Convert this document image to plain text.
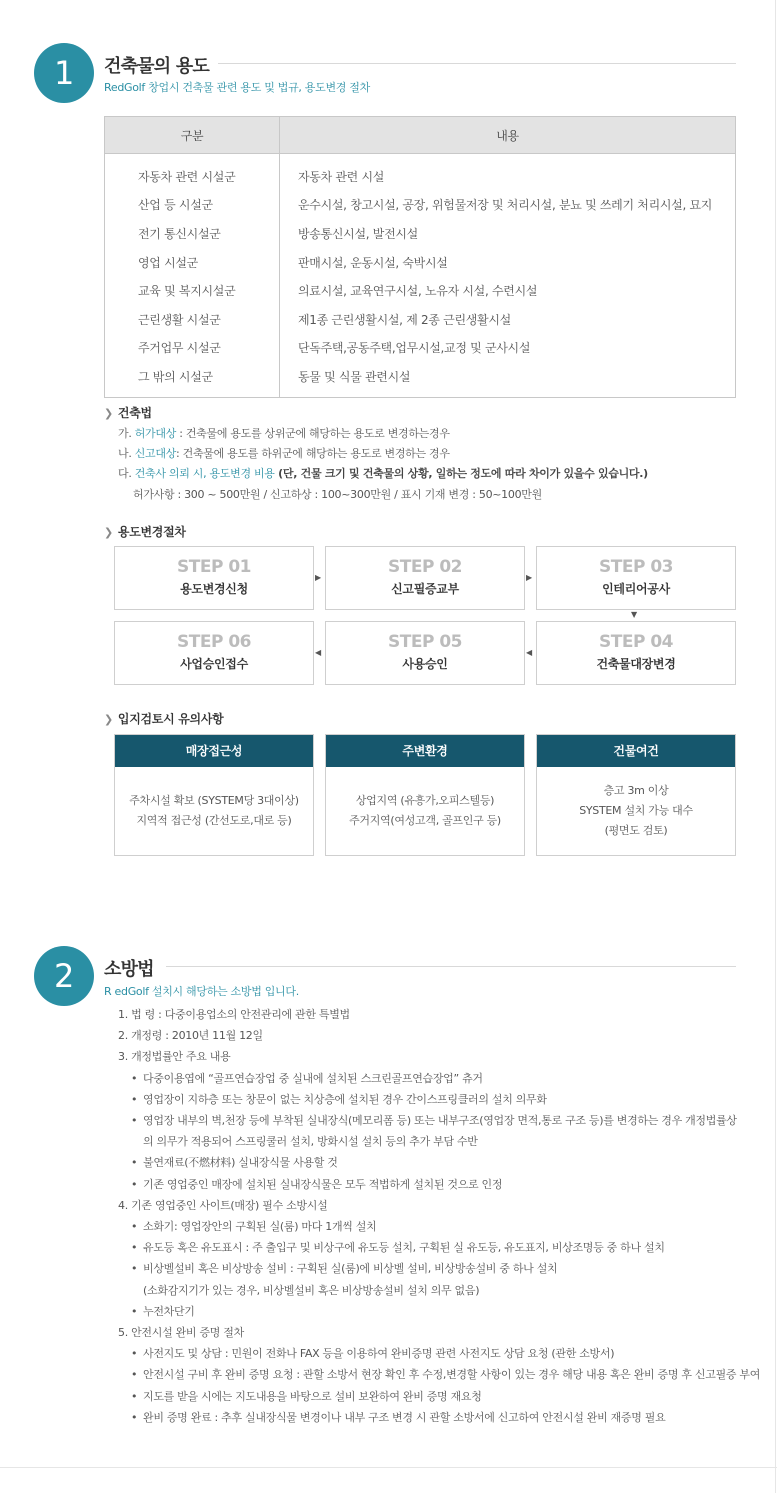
1	건축물의 용도
RedGolf 창업시 건축물 관련 용도 및 법규, 용도변경 절차
구분	내용
자동차 관련 시설군	자동차 관련 시설
산업 등 시설군	운수시설, 창고시설, 공장, 위험물저장 및 처리시설, 분뇨 및 쓰레기 처리시설, 묘지
전기 통신시설군	방송통신시설, 발전시설
영업 시설군	판매시설, 운동시설, 숙박시설
교육 및 복지시설군	의료시설, 교육연구시설, 노유자 시설, 수련시설
근린생활 시설군	제1종 근린생활시설, 제 2종 근린생활시설
주거업무 시설군	단독주택,공동주택,업무시설,교정 및 군사시설
그 밖의 시설군	동물 및 식물 관련시설
❯ 건축법
가. 허가대상 : 건축물에 용도를 상위군에 해당하는 용도로 변경하는경우
나. 신고대상: 건축물에 용도를 하위군에 해당하는 용도로 변경하는 경우
다. 건축사 의뢰 시, 용도변경 비용 (단, 건물 크기 및 건축물의 상황, 일하는 정도에 따라 차이가 있을수 있습니다.)
허가사항 : 300 ~ 500만원 / 신고하상 : 100~300만원 / 표시 기재 변경 : 50~100만원
❯ 용도변경절차
STEP 01
용도변경신청
▶
STEP 02
신고필증교부
▶
STEP 03
인테리어공사
▼
STEP 06
사업승인접수
◀
STEP 05
사용승인
◀
STEP 04
건축물대장변경
❯ 입지검토시 유의사항
매장접근성
주차시설 확보 (SYSTEM당 3대이상)
지역적 접근성 (간선도로,대로 등)
주변환경
상업지역 (유흥가,오피스텔등)
주거지역(여성고객, 골프인구 등)
건물여건
층고 3m 이상
SYSTEM 설치 가능 대수
(평면도 검토)
2	소방법
R edGolf 설치시 해당하는 소방법 입니다.
1. 법 령 : 다중이용업소의 안전관리에 관한 특별법
2. 개정령 : 2010년 11월 12일
3. 개정법률안 주요 내용
• 다중이용엽에 “골프연습장업 중 실내에 설치된 스크린골프연습장업” 츄거
• 영업장이 지하층 또는 창문이 없는 치상층에 설치된 경우 간이스프링클러의 설치 의무화
• 영업장 내부의 벽,천장 등에 부착된 실내장식(메모리폼 등) 또는 내부구조(영업장 면적,통로 구조 등)를 변경하는 경우 개정법률상
의 의무가 적용되어 스프링쿨러 설치, 방화시설 설치 등의 추가 부담 수반
• 불연재료(不燃材料) 실내장식물 사용할 것
• 기존 영업중인 매장에 설치된 실내장식물은 모두 적법하게 설치된 것으로 인정
4. 기존 영업중인 사이트(매장) 필수 소방시설
• 소화기: 영업장안의 구획된 실(룸) 마다 1개씩 설치
• 유도등 혹은 유도표시 : 주 출입구 및 비상구에 유도등 설치, 구획된 실 유도등, 유도표지, 비상조명등 중 하나 설치
• 비상벨설비 혹은 비상방송 설비 : 구획된 실(룸)에 비상벨 설비, 비상방송설비 중 하나 설치
(소화감지기가 있는 경우, 비상벨설비 혹은 비상방송설비 설치 의무 없음)
• 누전차단기
5. 안전시설 완비 증명 절차
• 사전지도 및 상담 : 민원이 전화나 FAX 등을 이용하여 완비증명 관련 사전지도 상담 요청 (관한 소방서)
• 안전시설 구비 후 완비 증명 요청 : 관할 소방서 현장 확인 후 수정,변경할 사항이 있는 경우 해당 내용 혹은 완비 증명 후 신고필증 부여
• 지도를 받을 시에는 지도내용을 바탕으로 설비 보완하여 완비 증명 재요청
• 완비 증명 완료 : 추후 실내장식물 변경이나 내부 구조 변경 시 관할 소방서에 신고하여 안전시설 완비 재증명 필요
